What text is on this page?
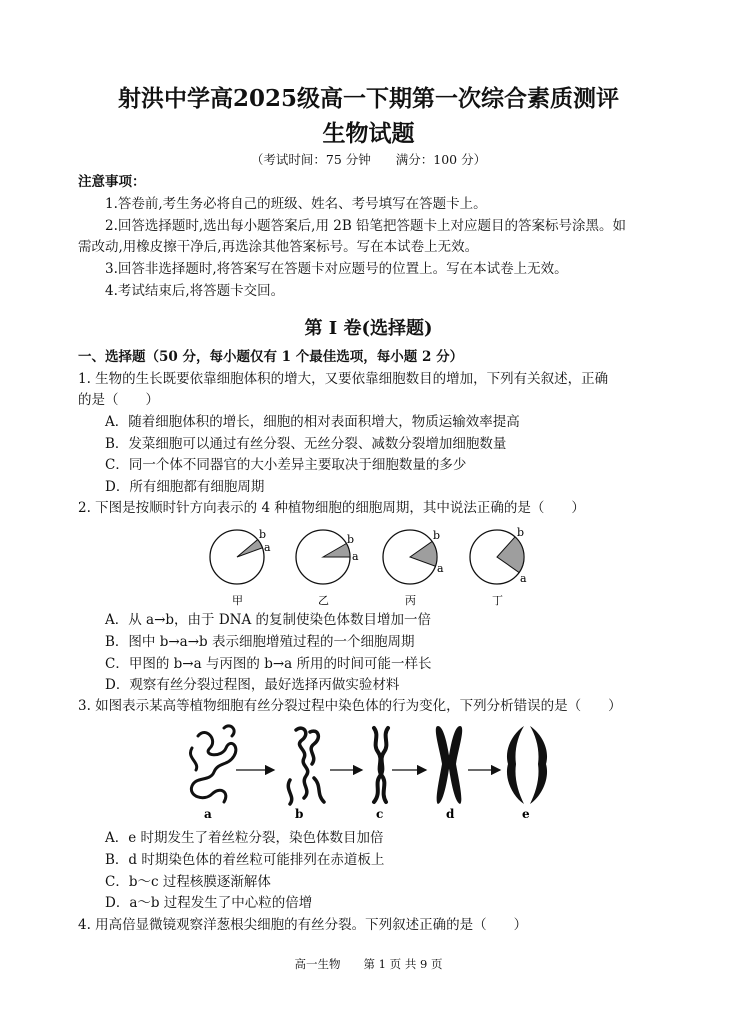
射洪中学高2025级高一下期第一次综合素质测评
生物试题
（考试时间：75 分钟　　满分：100 分）
注意事项：
1.答卷前,考生务必将自己的班级、姓名、考号填写在答题卡上。
2.回答选择题时,选出每小题答案后,用 2B 铅笔把答题卡上对应题目的答案标号涂黑。如
需改动,用橡皮擦干净后,再选涂其他答案标号。写在本试卷上无效。
3.回答非选择题时,将答案写在答题卡对应题号的位置上。写在本试卷上无效。
4.考试结束后,将答题卡交回。
第 I 卷(选择题)
一、选择题（50 分，每小题仅有 1 个最佳选项，每小题 2 分）
1. 生物的生长既要依靠细胞体积的增大，又要依靠细胞数目的增加，下列有关叙述，正确
的是（　　）
A．随着细胞体积的增长，细胞的相对表面积增大，物质运输效率提高
B．发菜细胞可以通过有丝分裂、无丝分裂、减数分裂增加细胞数量
C．同一个体不同器官的大小差异主要取决于细胞数量的多少
D．所有细胞都有细胞周期
2. 下图是按顺时针方向表示的 4 种植物细胞的细胞周期，其中说法正确的是（　　）
b
a
甲
b
a
乙
b
a
丙
b
a
丁
A．从 a→b，由于 DNA 的复制使染色体数目增加一倍
B．图中 b→a→b 表示细胞增殖过程的一个细胞周期
C．甲图的 b→a 与丙图的 b→a 所用的时间可能一样长
D．观察有丝分裂过程图，最好选择丙做实验材料
3. 如图表示某高等植物细胞有丝分裂过程中染色体的行为变化，下列分析错误的是（　　）
a	b	c	d	e
A．e 时期发生了着丝粒分裂，染色体数目加倍
B．d 时期染色体的着丝粒可能排列在赤道板上
C．b～c 过程核膜逐渐解体
D．a～b 过程发生了中心粒的倍增
4. 用高倍显微镜观察洋葱根尖细胞的有丝分裂。下列叙述正确的是（　　）
高一生物　　第 1 页 共 9 页
